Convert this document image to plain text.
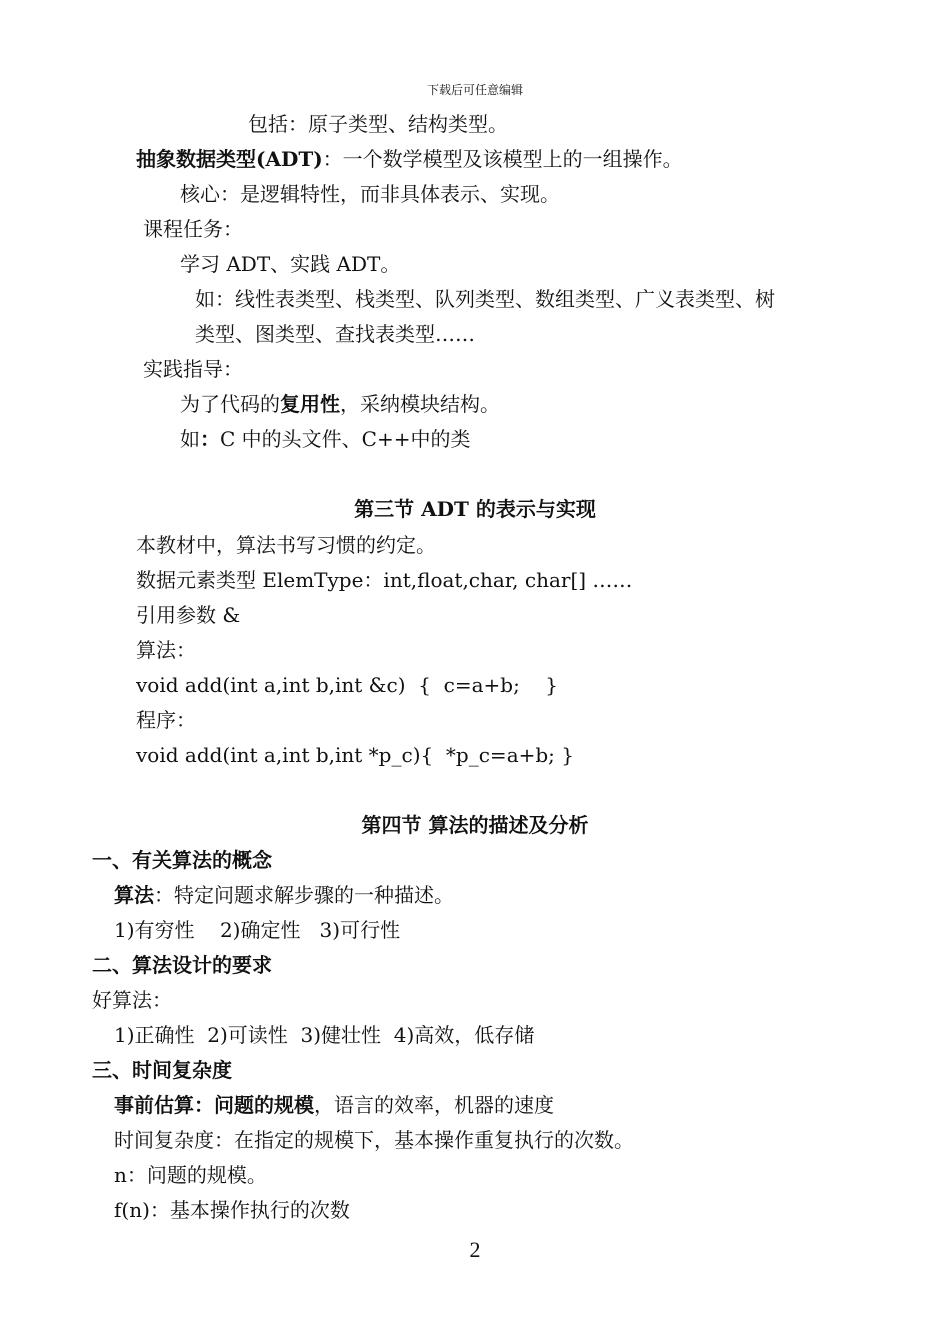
下载后可任意编辑
包括：原子类型、结构类型。
抽象数据类型(ADT)：一个数学模型及该模型上的一组操作。
核心：是逻辑特性，而非具体表示、实现。
课程任务：
学习 ADT、实践 ADT。
如：线性表类型、栈类型、队列类型、数组类型、广义表类型、树
类型、图类型、查找表类型……
实践指导：
为了代码的复用性，采纳模块结构。
如：C 中的头文件、C++中的类
第三节 ADT 的表示与实现
本教材中，算法书写习惯的约定。
数据元素类型 ElemType：int,float,char, char[] ……
引用参数 &
算法：
void add(int a,int b,int &c)  {  c=a+b;    }
程序：
void add(int a,int b,int *p_c){  *p_c=a+b; }
第四节 算法的描述及分析
一、有关算法的概念
算法：特定问题求解步骤的一种描述。
1)有穷性    2)确定性   3)可行性
二、算法设计的要求
好算法：
1)正确性  2)可读性  3)健壮性  4)高效，低存储
三、时间复杂度
事前估算：问题的规模，语言的效率，机器的速度
时间复杂度：在指定的规模下，基本操作重复执行的次数。
n：问题的规模。
f(n)：基本操作执行的次数
2
